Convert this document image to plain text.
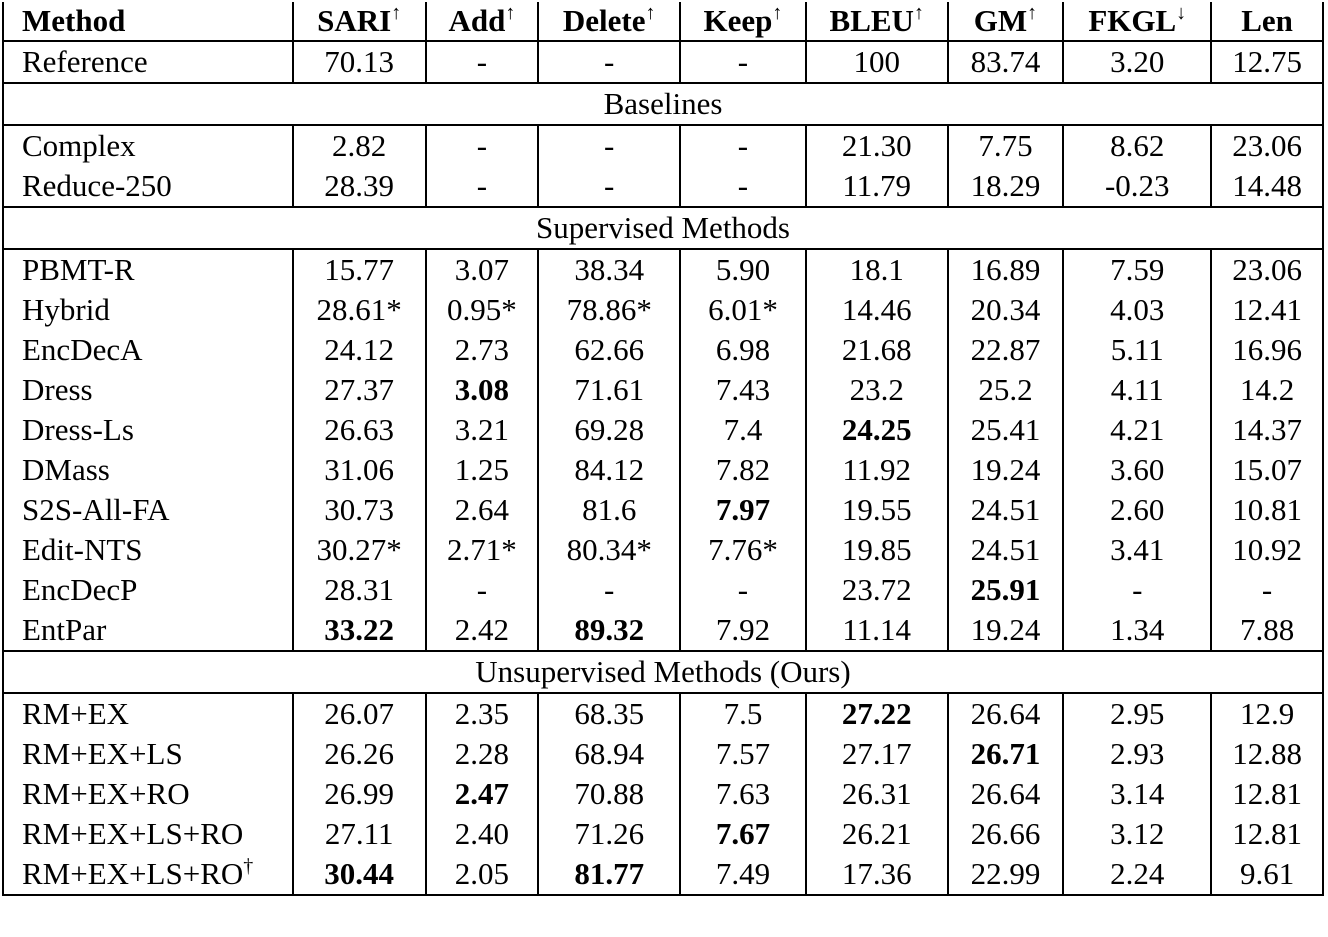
Method	SARI↑	Add↑	Delete↑	Keep↑	BLEU↑	GM↑	FKGL↓	Len
Reference	70.13	-	-	-	100	83.74	3.20	12.75
Baselines								
Complex	2.82	-	-	-	21.30	7.75	8.62	23.06
Reduce-250	28.39	-	-	-	11.79	18.29	-0.23	14.48
Supervised Methods								
PBMT-R	15.77	3.07	38.34	5.90	18.1	16.89	7.59	23.06
Hybrid	28.61*	0.95*	78.86*	6.01*	14.46	20.34	4.03	12.41
EncDecA	24.12	2.73	62.66	6.98	21.68	22.87	5.11	16.96
Dress	27.37	3.08	71.61	7.43	23.2	25.2	4.11	14.2
Dress-Ls	26.63	3.21	69.28	7.4	24.25	25.41	4.21	14.37
DMass	31.06	1.25	84.12	7.82	11.92	19.24	3.60	15.07
S2S-All-FA	30.73	2.64	81.6	7.97	19.55	24.51	2.60	10.81
Edit-NTS	30.27*	2.71*	80.34*	7.76*	19.85	24.51	3.41	10.92
EncDecP	28.31	-	-	-	23.72	25.91	-	-
EntPar	33.22	2.42	89.32	7.92	11.14	19.24	1.34	7.88
Unsupervised Methods (Ours)								
RM+EX	26.07	2.35	68.35	7.5	27.22	26.64	2.95	12.9
RM+EX+LS	26.26	2.28	68.94	7.57	27.17	26.71	2.93	12.88
RM+EX+RO	26.99	2.47	70.88	7.63	26.31	26.64	3.14	12.81
RM+EX+LS+RO	27.11	2.40	71.26	7.67	26.21	26.66	3.12	12.81
RM+EX+LS+RO†	30.44	2.05	81.77	7.49	17.36	22.99	2.24	9.61
